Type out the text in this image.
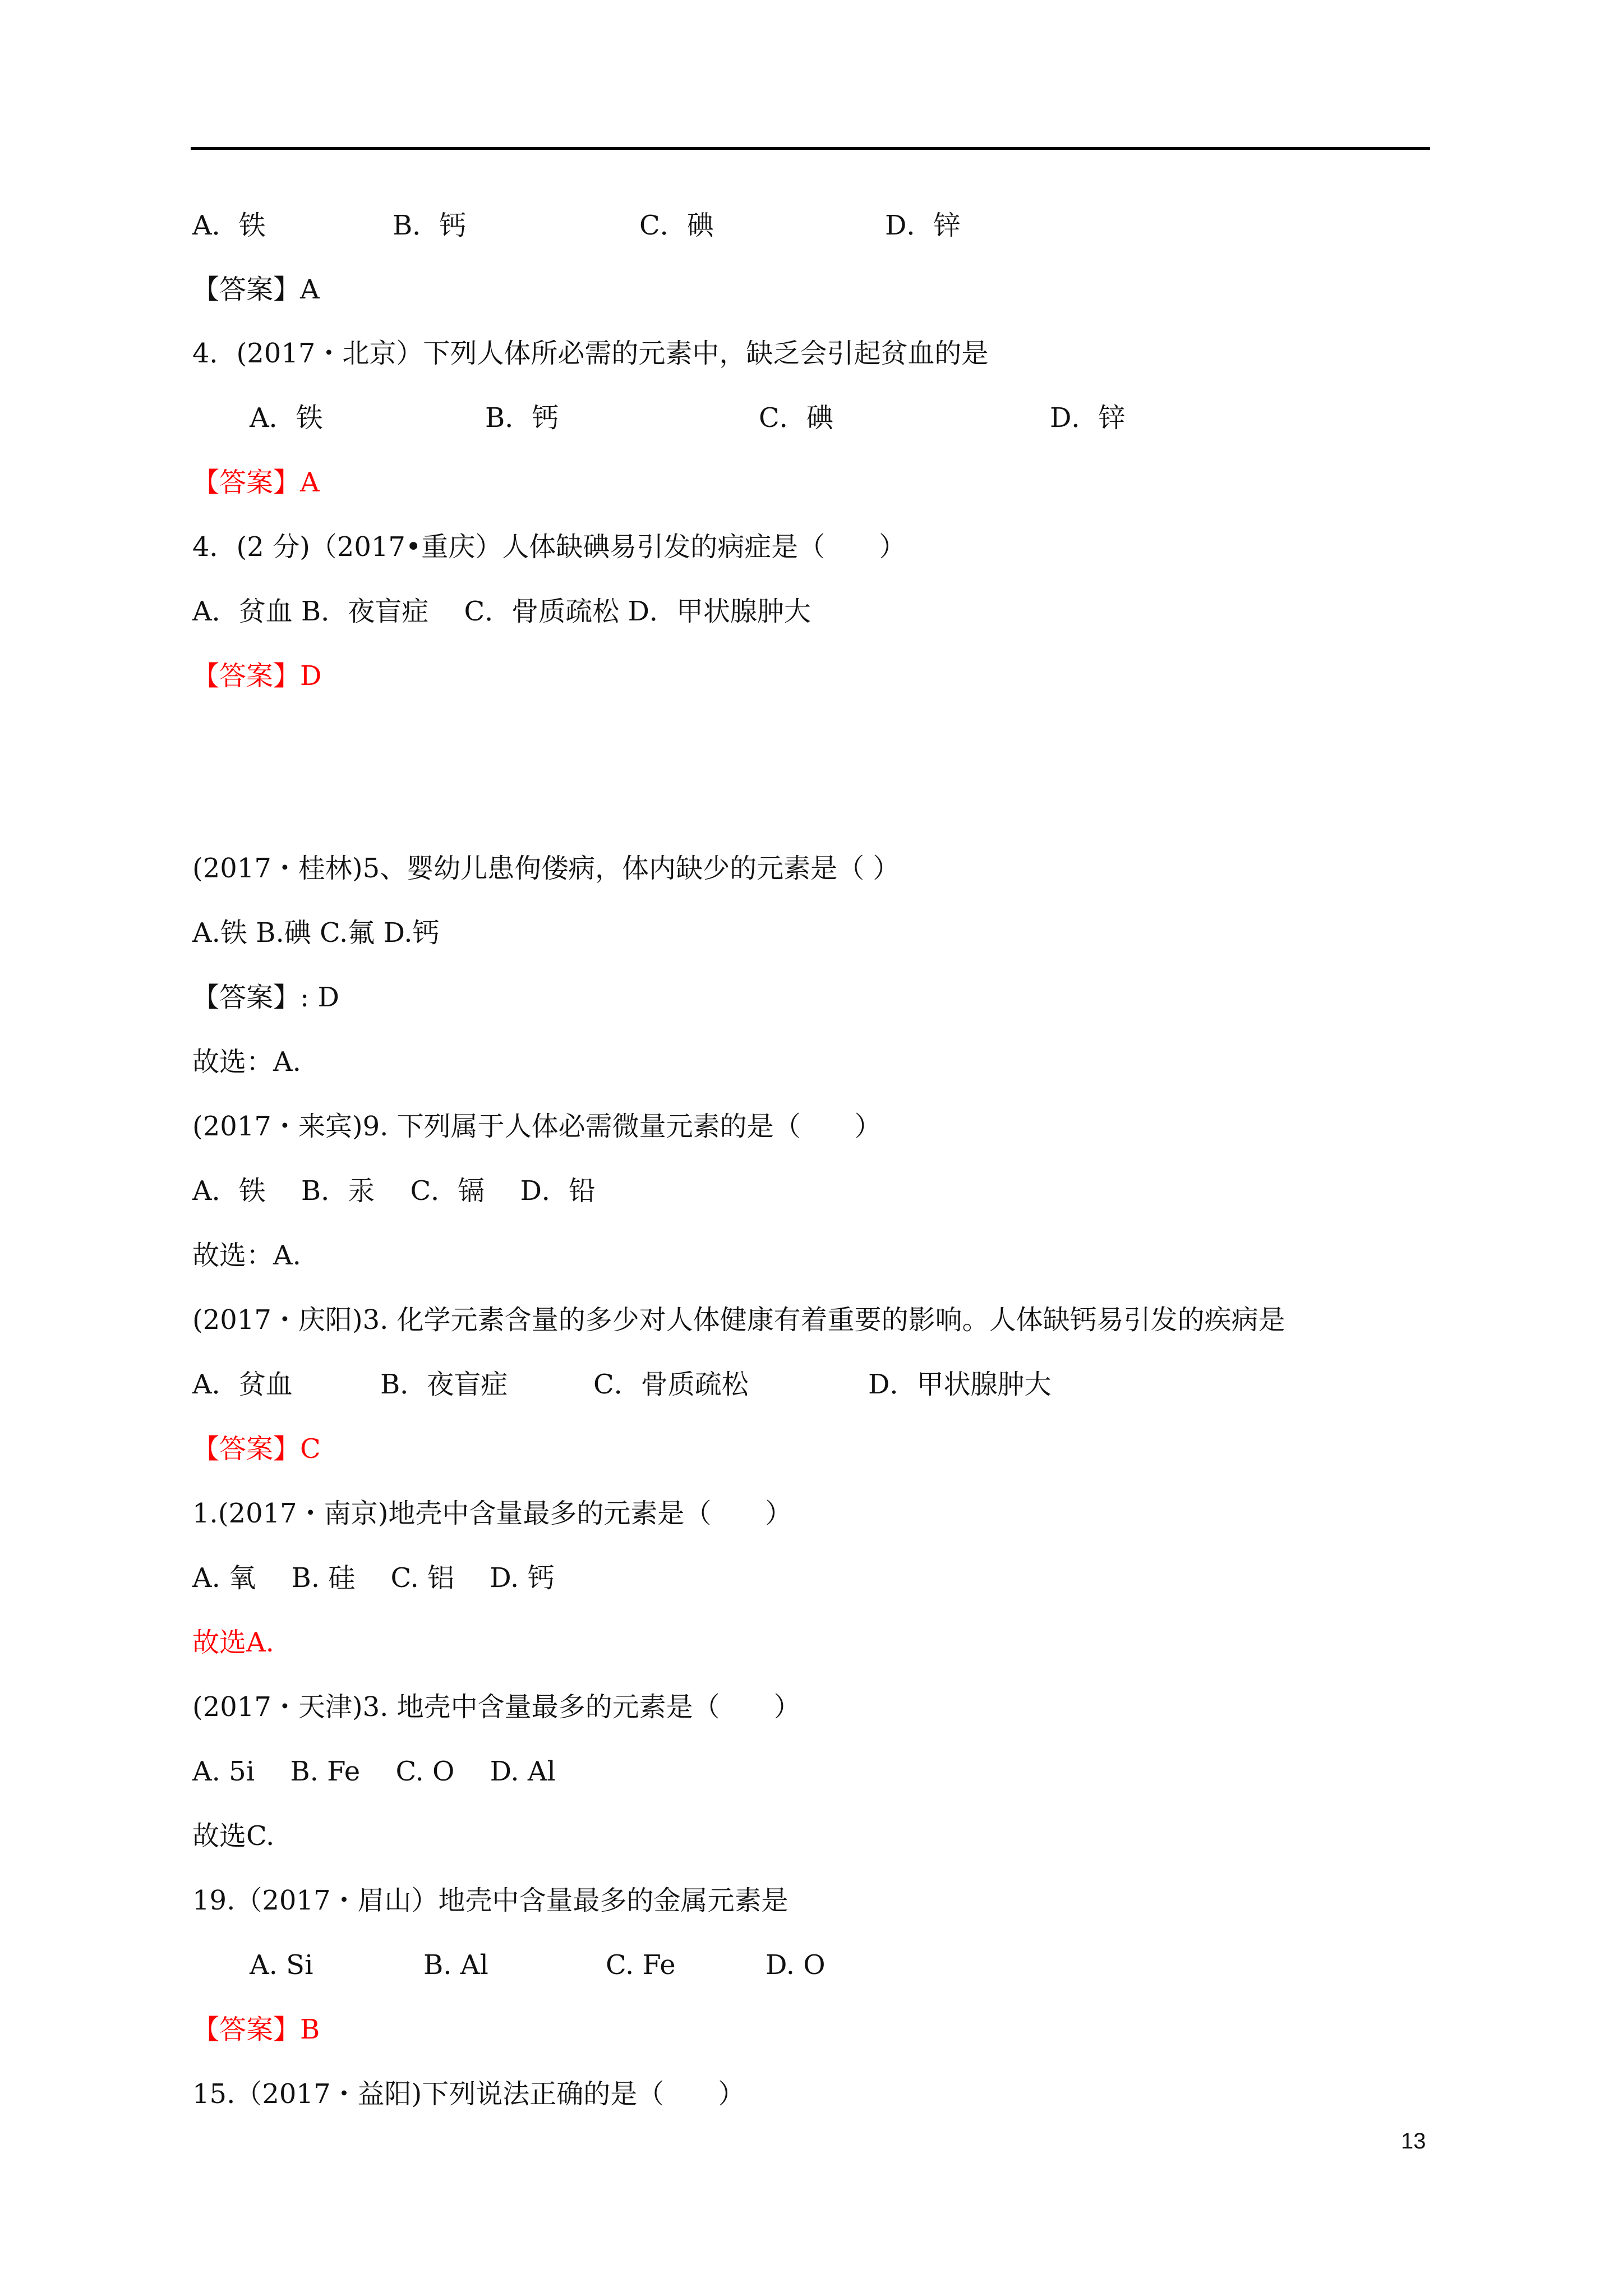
A．铁	B．钙	C．碘	D．锌
【答案】A
4．(2017・北京）下列人体所必需的元素中，缺乏会引起贫血的是
A．铁	B．钙	C．碘	D．锌
【答案】A
4．(2 分)（2017•重庆）人体缺碘易引发的病症是（　　）
A．贫血 B．夜盲症　 C．骨质疏松 D．甲状腺肿大
【答案】D
(2017・桂林)5、婴幼儿患佝偻病，体内缺少的元素是（ ）
A.铁 B.碘 C.氟 D.钙
【答案】: D
故选：A.
(2017・来宾)9. 下列属于人体必需微量元素的是（　　）
A．铁　 B．汞　 C．镉　 D．铅
故选：A.
(2017・庆阳)3. 化学元素含量的多少对人体健康有着重要的影响。人体缺钙易引发的疾病是
A．贫血	B．夜盲症	C．骨质疏松	D．甲状腺肿大
【答案】C
1.(2017・南京)地壳中含量最多的元素是（　　）
A. 氧　 B. 硅　 C. 铝　 D. 钙
故选A.
(2017・天津)3. 地壳中含量最多的元素是（　　）
A. 5i　 B. Fe　 C. O　 D. Al
故选C.
19.（2017・眉山）地壳中含量最多的金属元素是
A. Si	B. Al	C. Fe	D. O
【答案】B
15.（2017・益阳)下列说法正确的是（　　）
13
